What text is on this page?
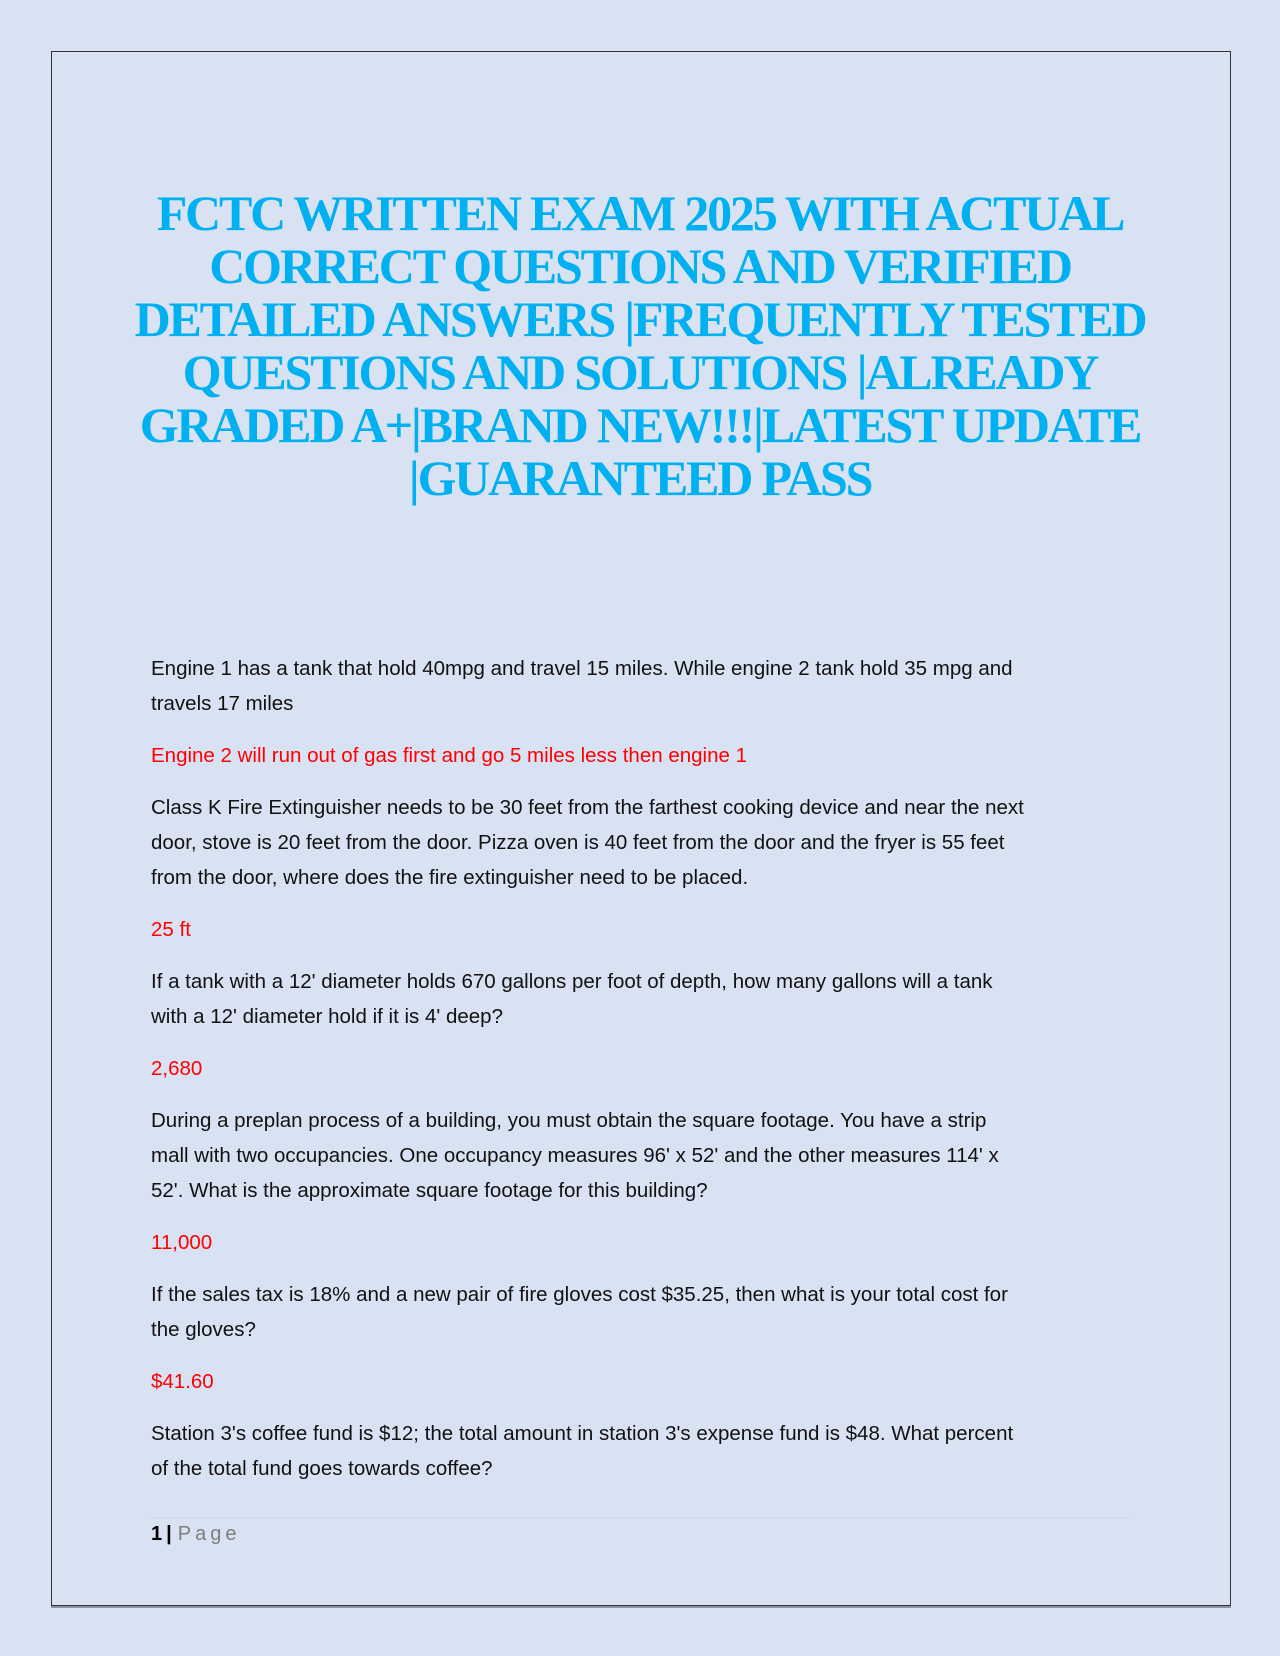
FCTC WRITTEN EXAM 2025 WITH ACTUAL
CORRECT QUESTIONS AND VERIFIED
DETAILED ANSWERS |FREQUENTLY TESTED
QUESTIONS AND SOLUTIONS |ALREADY
GRADED A+|BRAND NEW!!!|LATEST UPDATE
|GUARANTEED PASS
Engine 1 has a tank that hold 40mpg and travel 15 miles. While engine 2 tank hold 35 mpg and
travels 17 miles
Engine 2 will run out of gas first and go 5 miles less then engine 1
Class K Fire Extinguisher needs to be 30 feet from the farthest cooking device and near the next
door, stove is 20 feet from the door. Pizza oven is 40 feet from the door and the fryer is 55 feet
from the door, where does the fire extinguisher need to be placed.
25 ft
If a tank with a 12' diameter holds 670 gallons per foot of depth, how many gallons will a tank
with a 12' diameter hold if it is 4' deep?
2,680
During a preplan process of a building, you must obtain the square footage. You have a strip
mall with two occupancies. One occupancy measures 96' x 52' and the other measures 114' x
52'. What is the approximate square footage for this building?
11,000
If the sales tax is 18% and a new pair of fire gloves cost $35.25, then what is your total cost for
the gloves?
$41.60
Station 3's coffee fund is $12; the total amount in station 3's expense fund is $48. What percent
of the total fund goes towards coffee?
1 | Page
